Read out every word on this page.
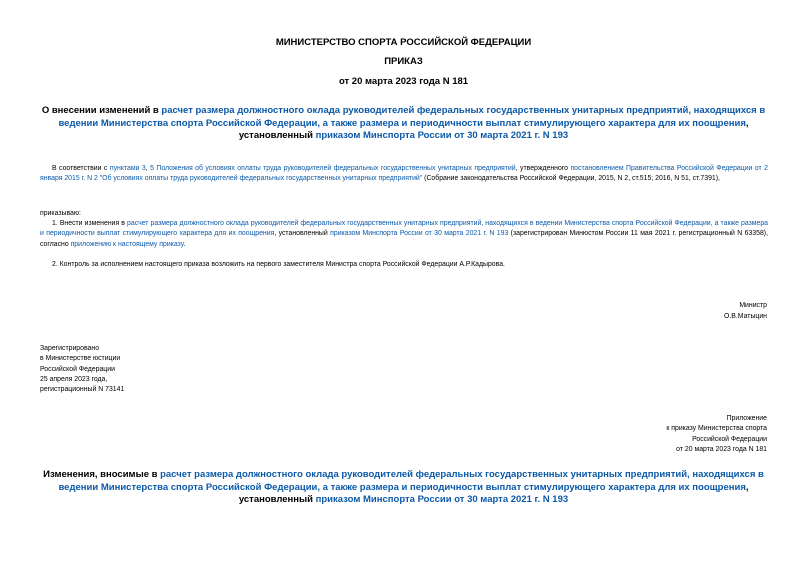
МИНИСТЕРСТВО СПОРТА РОССИЙСКОЙ ФЕДЕРАЦИИ
ПРИКАЗ
от 20 марта 2023 года N 181
О внесении изменений в расчет размера должностного оклада руководителей федеральных государственных унитарных предприятий, находящихся в ведении Министерства спорта Российской Федерации, а также размера и периодичности выплат стимулирующего характера для их поощрения, установленный приказом Минспорта России от 30 марта 2021 г. N 193
В соответствии с пунктами 3, 5 Положения об условиях оплаты труда руководителей федеральных государственных унитарных предприятий, утвержденного постановлением Правительства Российской Федерации от 2 января 2015 г. N 2 "Об условиях оплаты труда руководителей федеральных государственных унитарных предприятий" (Собрание законодательства Российской Федерации, 2015, N 2, ст.515; 2016, N 51, ст.7391),
приказываю:
1. Внести изменения в расчет размера должностного оклада руководителей федеральных государственных унитарных предприятий, находящихся в ведении Министерства спорта Российской Федерации, а также размера и периодичности выплат стимулирующего характера для их поощрения, установленный приказом Минспорта России от 30 марта 2021 г. N 193 (зарегистрирован Минюстом России 11 мая 2021 г. регистрационный N 63358), согласно приложению к настоящему приказу.
2. Контроль за исполнением настоящего приказа возложить на первого заместителя Министра спорта Российской Федерации А.Р.Кадырова.
Министр
О.В.Матыцин
Зарегистрировано
в Министерстве юстиции
Российской Федерации
25 апреля 2023 года,
регистрационный N 73141
Приложение
к приказу Министерства спорта
Российской Федерации
от 20 марта 2023 года N 181
Изменения, вносимые в расчет размера должностного оклада руководителей федеральных государственных унитарных предприятий, находящихся в ведении Министерства спорта Российской Федерации, а также размера и периодичности выплат стимулирующего характера для их поощрения, установленный приказом Минспорта России от 30 марта 2021 г. N 193
